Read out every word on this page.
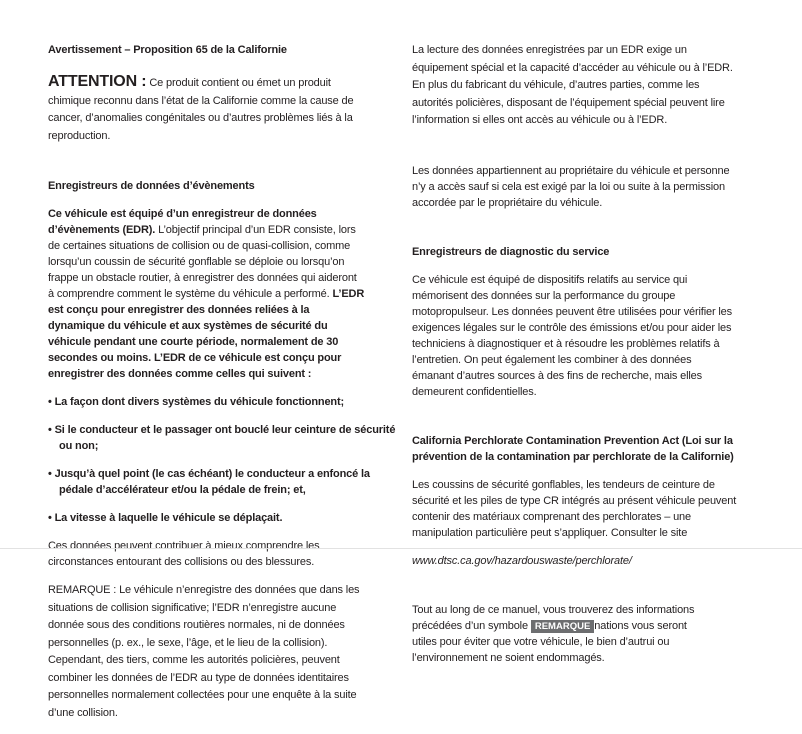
Avertissement – Proposition 65 de la Californie

ATTENTION : Ce produit contient ou émet un produit
chimique reconnu dans l’état de la Californie comme la cause de
cancer, d’anomalies congénitales ou d’autres problèmes liés à la
reproduction.

Enregistreurs de données d’évènements

Ce véhicule est équipé d’un enregistreur de données
d’évènements (EDR). L’objectif principal d’un EDR consiste, lors
de certaines situations de collision ou de quasi-collision, comme
lorsqu’un coussin de sécurité gonflable se déploie ou lorsqu’on
frappe un obstacle routier, à enregistrer des données qui aideront
à comprendre comment le système du véhicule a performé. L’EDR
est conçu pour enregistrer des données reliées à la
dynamique du véhicule et aux systèmes de sécurité du
véhicule pendant une courte période, normalement de 30
secondes ou moins. L’EDR de ce véhicule est conçu pour
enregistrer des données comme celles qui suivent :

• La façon dont divers systèmes du véhicule fonctionnent;

• Si le conducteur et le passager ont bouclé leur ceinture de sécurité ou non;

• Jusqu’à quel point (le cas échéant) le conducteur a enfoncé la pédale d’accélérateur et/ou la pédale de frein; et,

• La vitesse à laquelle le véhicule se déplaçait.

Ces données peuvent contribuer à mieux comprendre les
circonstances entourant des collisions ou des blessures.

REMARQUE : Le véhicule n’enregistre des données que dans les
situations de collision significative; l’EDR n’enregistre aucune
donnée sous des conditions routières normales, ni de données
personnelles (p. ex., le sexe, l’âge, et le lieu de la collision).
Cependant, des tiers, comme les autorités policières, peuvent
combiner les données de l’EDR au type de données identitaires
personnelles normalement collectées pour une enquête à la suite
d’une collision.

La lecture des données enregistrées par un EDR exige un
équipement spécial et la capacité d’accéder au véhicule ou à l’EDR.
En plus du fabricant du véhicule, d’autres parties, comme les
autorités policières, disposant de l’équipement spécial peuvent lire
l’information si elles ont accès au véhicule ou à l’EDR.

Les données appartiennent au propriétaire du véhicule et personne
n’y a accès sauf si cela est exigé par la loi ou suite à la permission
accordée par le propriétaire du véhicule.

Enregistreurs de diagnostic du service

Ce véhicule est équipé de dispositifs relatifs au service qui
mémorisent des données sur la performance du groupe
motopropulseur. Les données peuvent être utilisées pour vérifier les
exigences légales sur le contrôle des émissions et/ou pour aider les
techniciens à diagnostiquer et à résoudre les problèmes relatifs à
l’entretien. On peut également les combiner à des données
émanant d’autres sources à des fins de recherche, mais elles
demeurent confidentielles.

California Perchlorate Contamination Prevention Act (Loi sur la
prévention de la contamination par perchlorate de la Californie)

Les coussins de sécurité gonflables, les tendeurs de ceinture de
sécurité et les piles de type CR intégrés au présent véhicule peuvent
contenir des matériaux comprenant des perchlorates – une
manipulation particulière peut s’appliquer. Consulter le site

www.dtsc.ca.gov/hazardouswaste/perchlorate/

Tout au long de ce manuel, vous trouverez des informations
précédées d’un symbole REMARQUE nations vous seront
utiles pour éviter que votre véhicule, le bien d’autrui ou
l’environnement ne soient endommagés.
